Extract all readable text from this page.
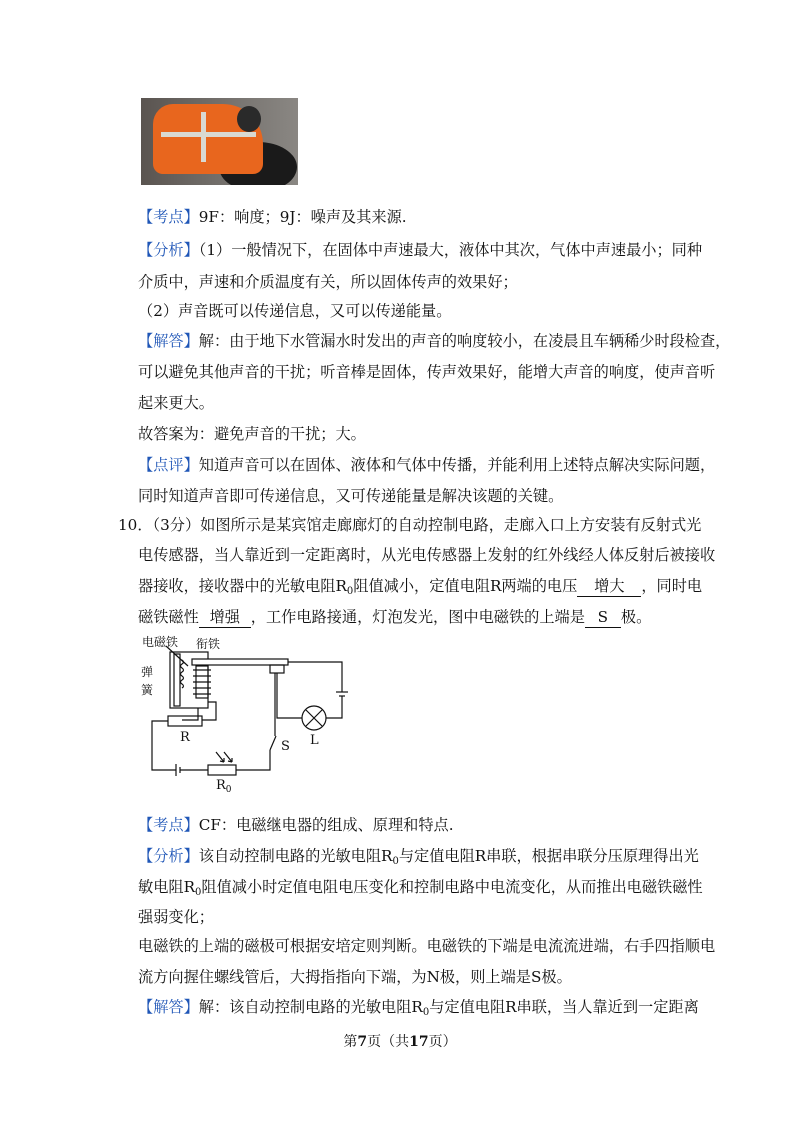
【考点】9F：响度；9J：噪声及其来源.
【分析】（1）一般情况下，在固体中声速最大，液体中其次，气体中声速最小；同种
介质中，声速和介质温度有关，所以固体传声的效果好；
（2）声音既可以传递信息，又可以传递能量。
【解答】解：由于地下水管漏水时发出的声音的响度较小，在凌晨且车辆稀少时段检查，
可以避免其他声音的干扰；听音棒是固体，传声效果好，能增大声音的响度，使声音听
起来更大。
故答案为：避免声音的干扰；大。
【点评】知道声音可以在固体、液体和气体中传播，并能利用上述特点解决实际问题，
同时知道声音即可传递信息，又可传递能量是解决该题的关键。
10．（3分）如图所示是某宾馆走廊廊灯的自动控制电路，走廊入口上方安装有反射式光
电传感器，当人靠近到一定距离时，从光电传感器上发射的红外线经人体反射后被接收
器接收，接收器中的光敏电阻$R_0$阻值减小，定值电阻R两端的电压 增大 ，同时电
磁铁磁性 增强 ，工作电路接通，灯泡发光，图中电磁铁的上端是 S 极。
电磁铁 衔铁
弹
簧
L
R
$R_0$
S
【考点】CF：电磁继电器的组成、原理和特点.
【分析】该自动控制电路的光敏电阻$R_0$与定值电阻R串联，根据串联分压原理得出光
敏电阻$R_0$阻值减小时定值电阻电压变化和控制电路中电流变化，从而推出电磁铁磁性
强弱变化；
电磁铁的上端的磁极可根据安培定则判断。电磁铁的下端是电流流进端，右手四指顺电
流方向握住螺线管后，大拇指指向下端，为N极，则上端是S极。
【解答】解：该自动控制电路的光敏电阻$R_0$与定值电阻R串联，当人靠近到一定距离
第7页（共17页）
